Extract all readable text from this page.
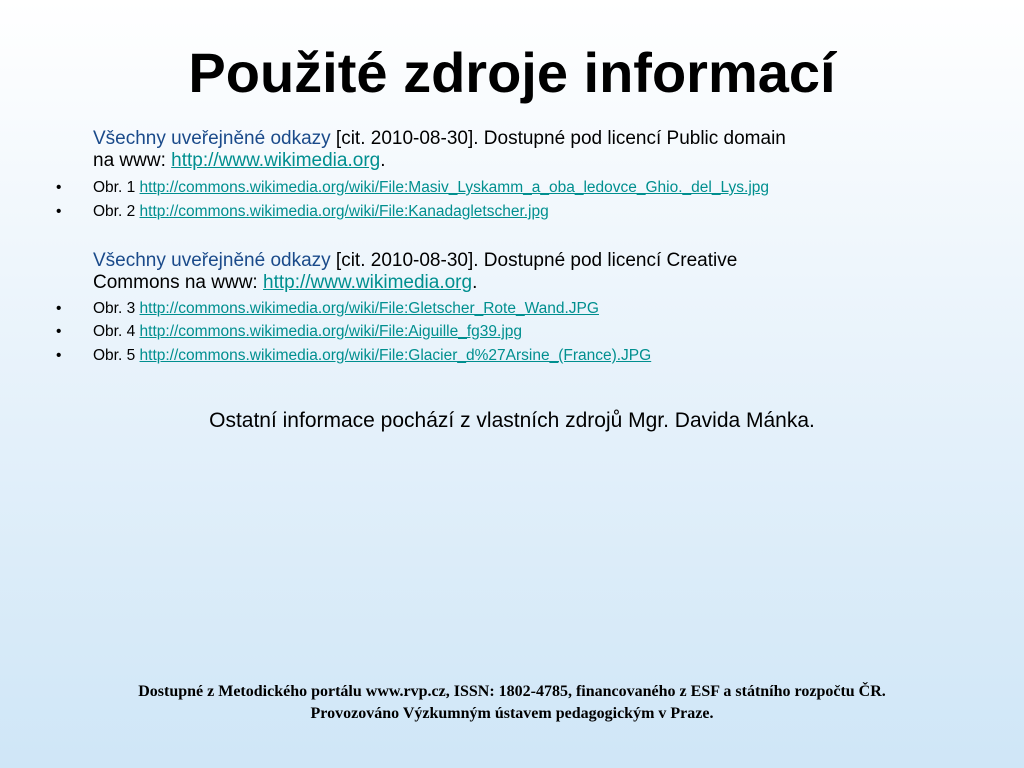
Použité zdroje informací
Všechny uveřejněné odkazy [cit. 2010-08-30]. Dostupné pod licencí Public domain
na www: http://www.wikimedia.org.
• Obr. 1 http://commons.wikimedia.org/wiki/File:Masiv_Lyskamm_a_oba_ledovce_Ghio._del_Lys.jpg
• Obr. 2 http://commons.wikimedia.org/wiki/File:Kanadagletscher.jpg
Všechny uveřejněné odkazy [cit. 2010-08-30]. Dostupné pod licencí Creative
Commons na www: http://www.wikimedia.org.
• Obr. 3 http://commons.wikimedia.org/wiki/File:Gletscher_Rote_Wand.JPG
• Obr. 4 http://commons.wikimedia.org/wiki/File:Aiguille_fg39.jpg
• Obr. 5 http://commons.wikimedia.org/wiki/File:Glacier_d%27Arsine_(France).JPG
Ostatní informace pochází z vlastních zdrojů Mgr. Davida Mánka.
Dostupné z Metodického portálu www.rvp.cz, ISSN: 1802-4785, financovaného z ESF a státního rozpočtu ČR.
Provozováno Výzkumným ústavem pedagogickým v Praze.
